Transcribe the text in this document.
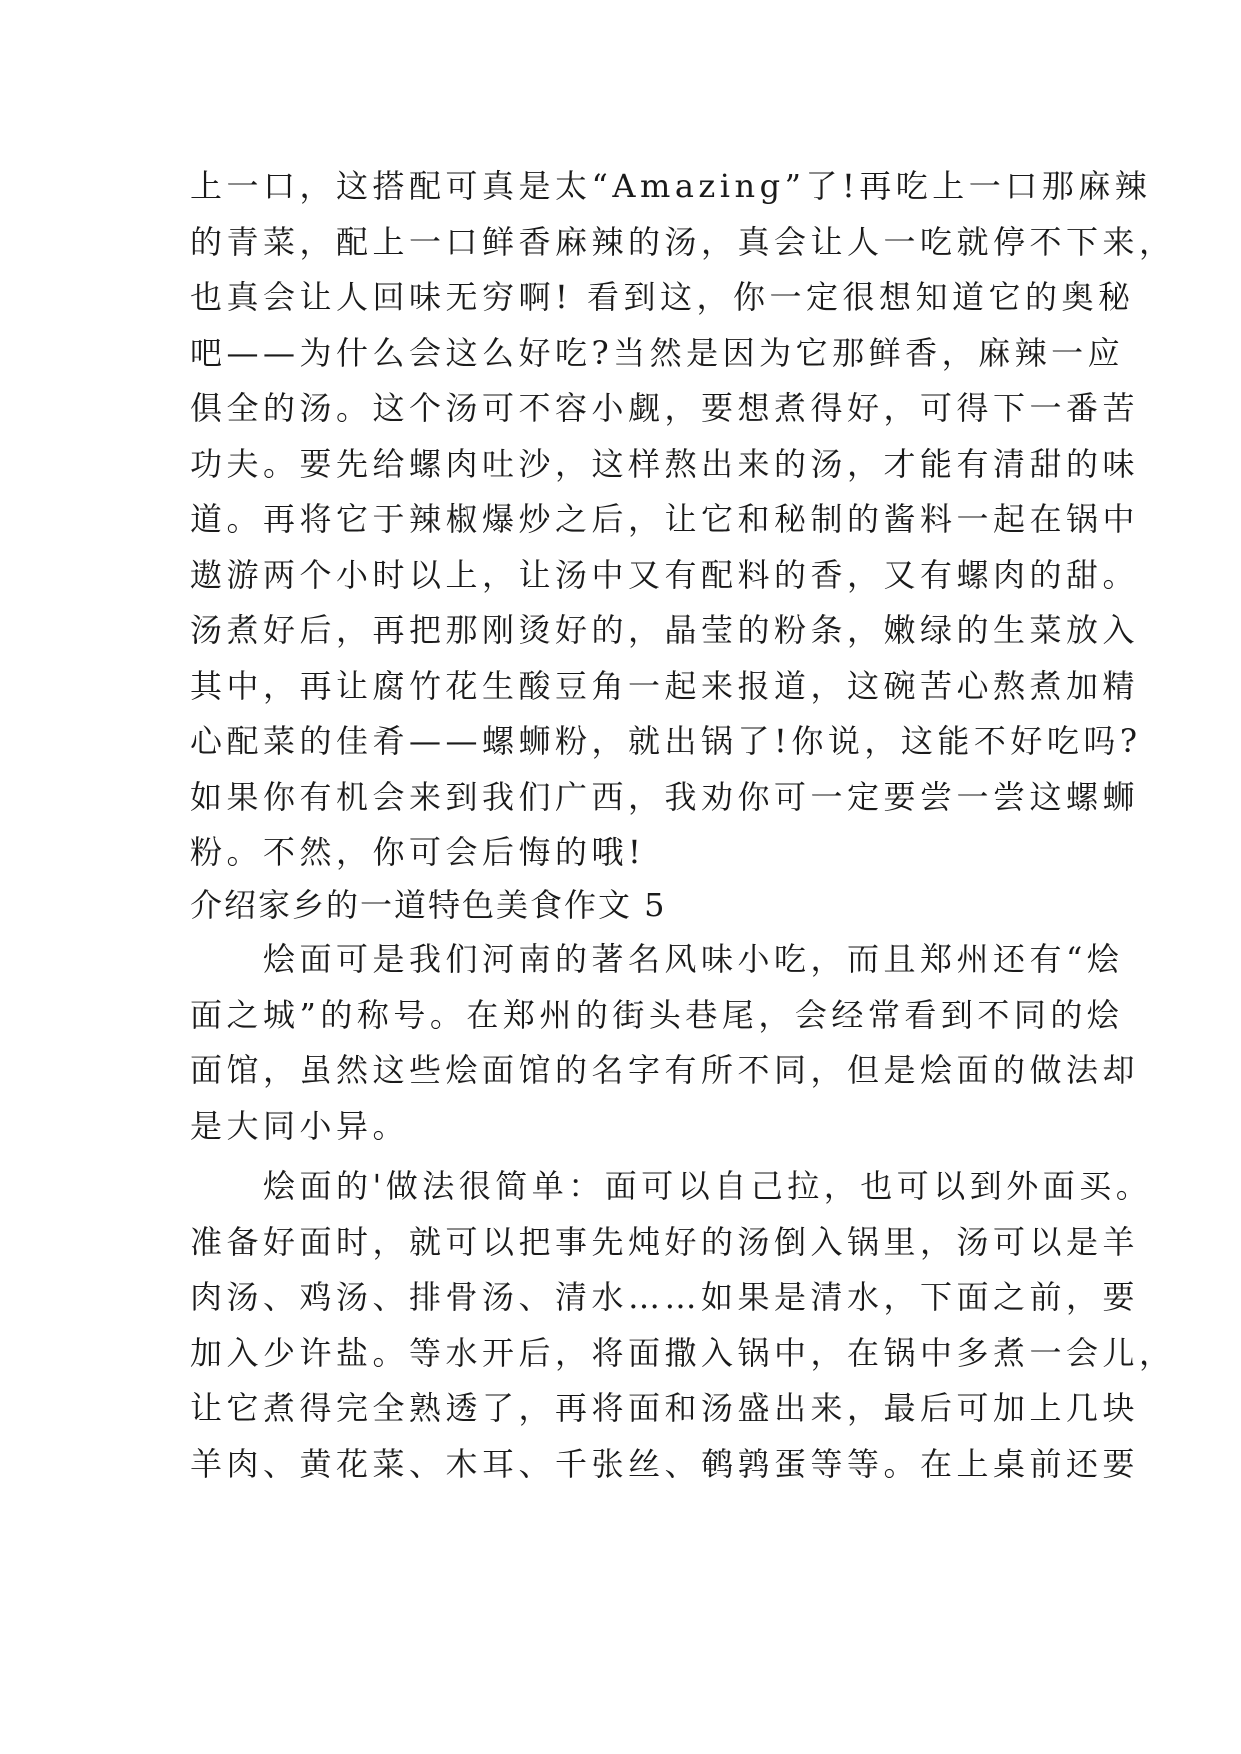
上一口，这搭配可真是太“Amazing”了!再吃上一口那麻辣
的青菜，配上一口鲜香麻辣的汤，真会让人一吃就停不下来，
也真会让人回味无穷啊! 看到这，你一定很想知道它的奥秘
吧——为什么会这么好吃?当然是因为它那鲜香，麻辣一应
俱全的汤。这个汤可不容小觑，要想煮得好，可得下一番苦
功夫。要先给螺肉吐沙，这样熬出来的汤，才能有清甜的味
道。再将它于辣椒爆炒之后，让它和秘制的酱料一起在锅中
遨游两个小时以上，让汤中又有配料的香，又有螺肉的甜。
汤煮好后，再把那刚烫好的，晶莹的粉条，嫩绿的生菜放入
其中，再让腐竹花生酸豆角一起来报道，这碗苦心熬煮加精
心配菜的佳肴——螺蛳粉，就出锅了!你说，这能不好吃吗?
如果你有机会来到我们广西，我劝你可一定要尝一尝这螺蛳
粉。不然，你可会后悔的哦!
介绍家乡的一道特色美食作文 5
　　烩面可是我们河南的著名风味小吃，而且郑州还有“烩
面之城”的称号。在郑州的街头巷尾，会经常看到不同的烩
面馆，虽然这些烩面馆的名字有所不同，但是烩面的做法却
是大同小异。
　　烩面的'做法很简单：面可以自己拉，也可以到外面买。
准备好面时，就可以把事先炖好的汤倒入锅里，汤可以是羊
肉汤、鸡汤、排骨汤、清水……如果是清水，下面之前，要
加入少许盐。等水开后，将面撒入锅中，在锅中多煮一会儿，
让它煮得完全熟透了，再将面和汤盛出来，最后可加上几块
羊肉、黄花菜、木耳、千张丝、鹌鹑蛋等等。在上桌前还要
